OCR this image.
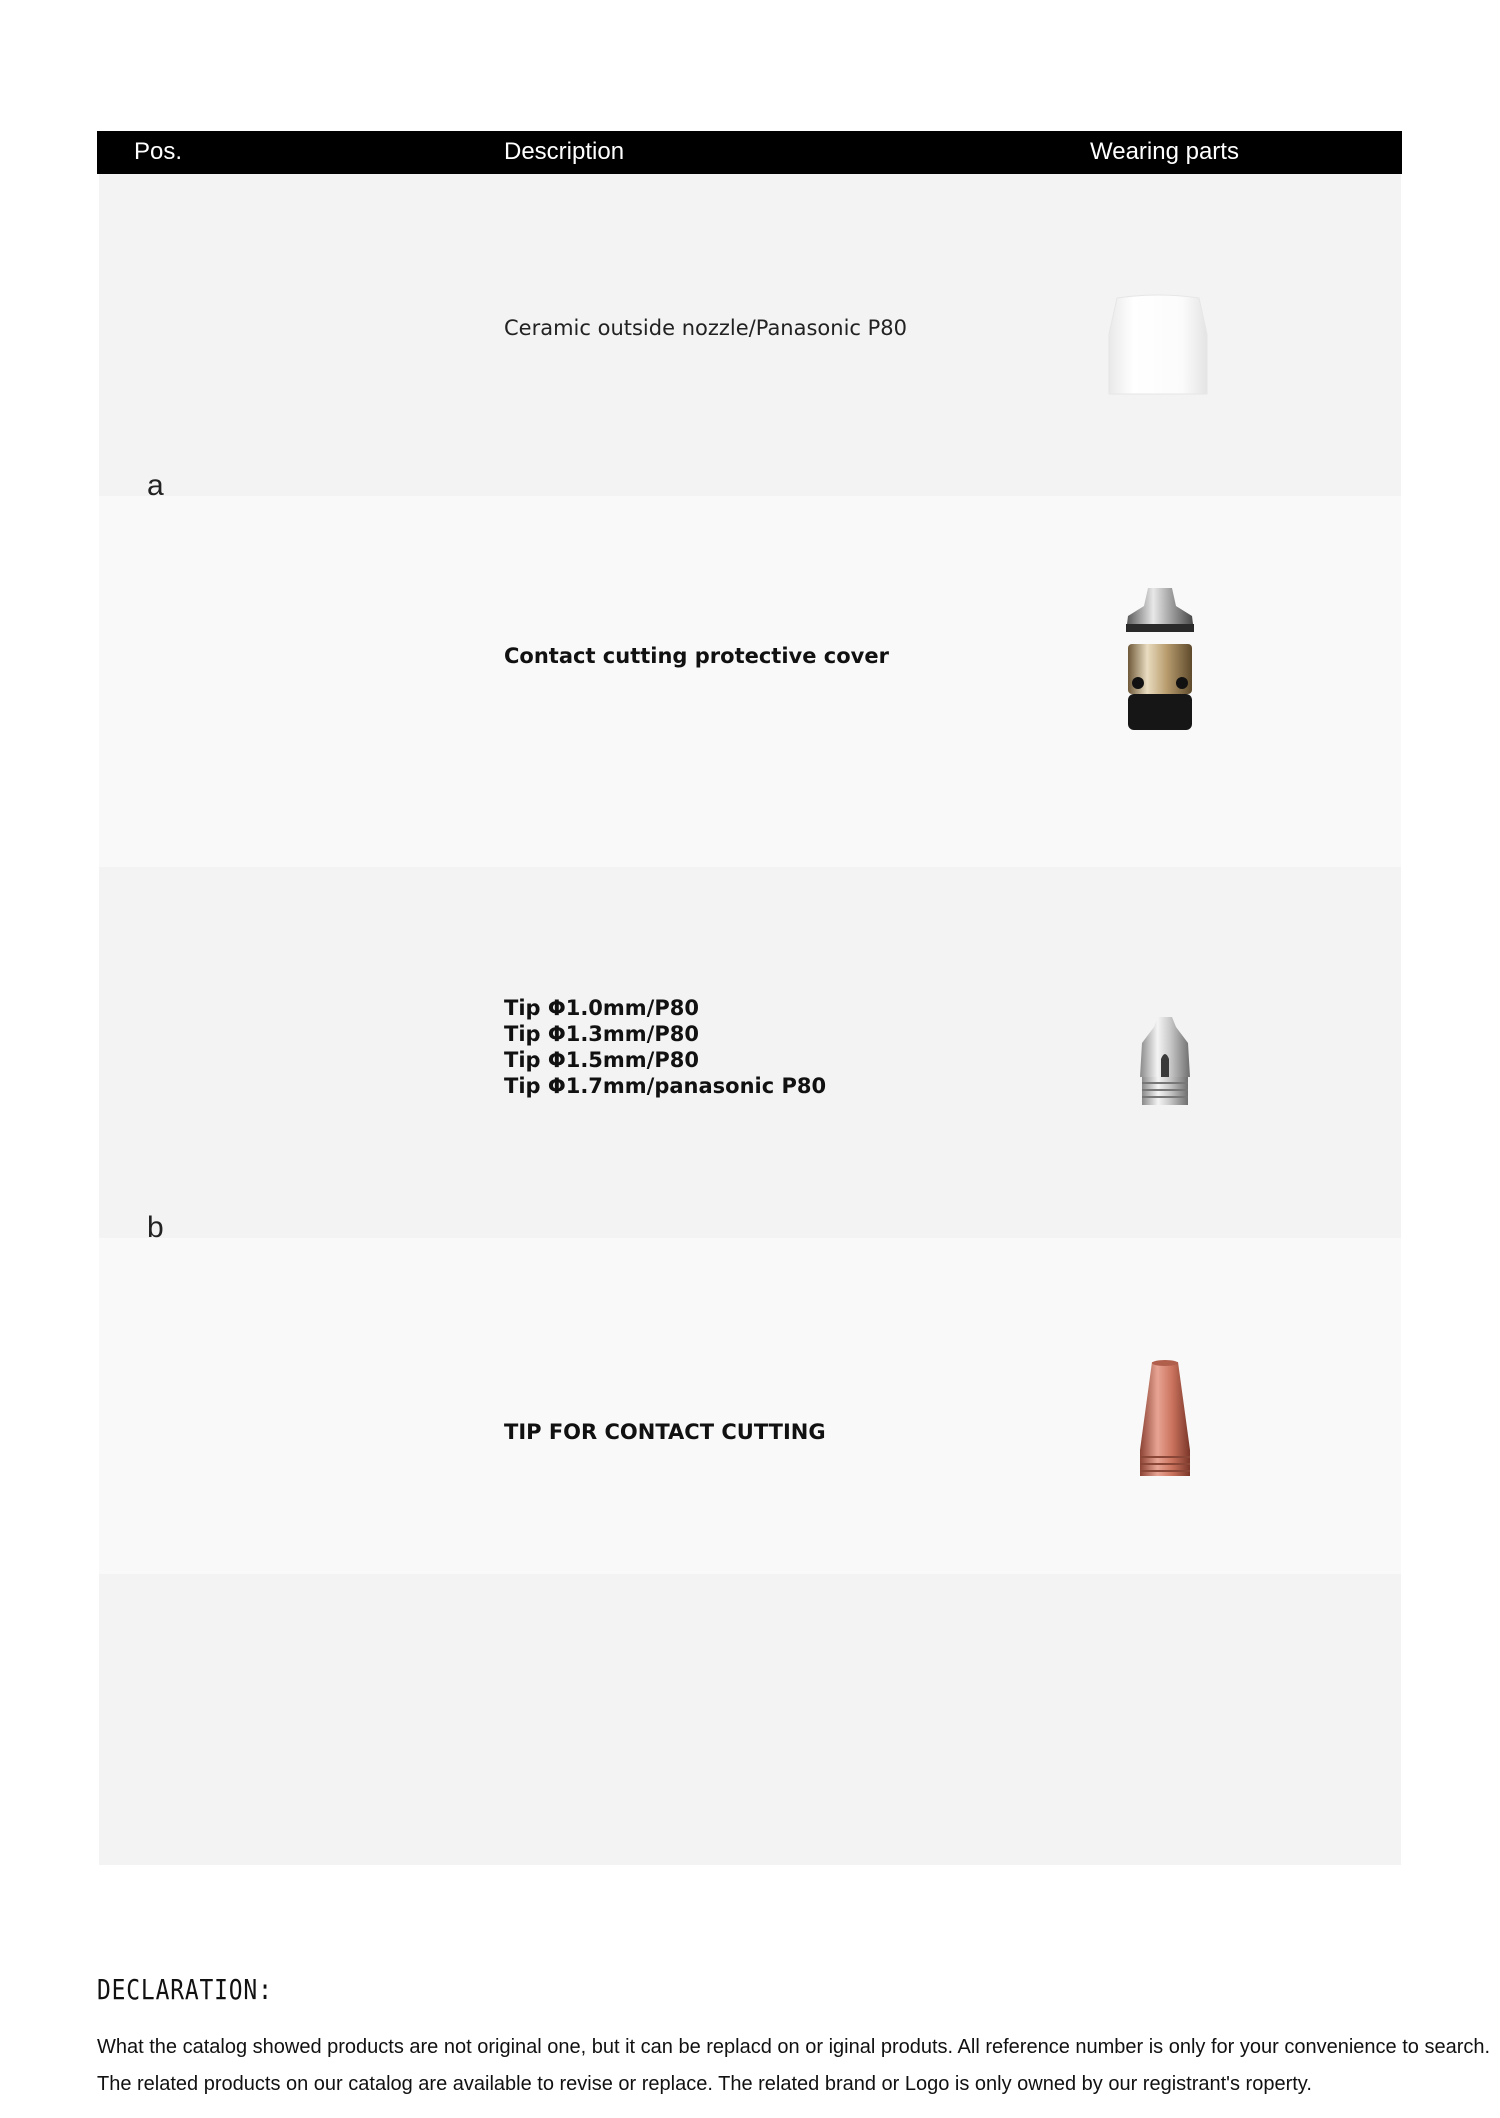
Pos.	Description	Wearing parts
Ceramic outside nozzle/Panasonic P80
Contact cutting protective cover
Tip Φ1.0mm/P80
Tip Φ1.3mm/P80
Tip Φ1.5mm/P80
Tip Φ1.7mm/panasonic P80
TIP FOR CONTACT CUTTING
a
b
DECLARATION:
What the catalog showed products are not original one, but it can be replacd on or iginal produts. All reference number is only for your convenience to search.
The related products on our catalog are available to revise or replace. The related brand or Logo is only owned by our registrant's roperty.
